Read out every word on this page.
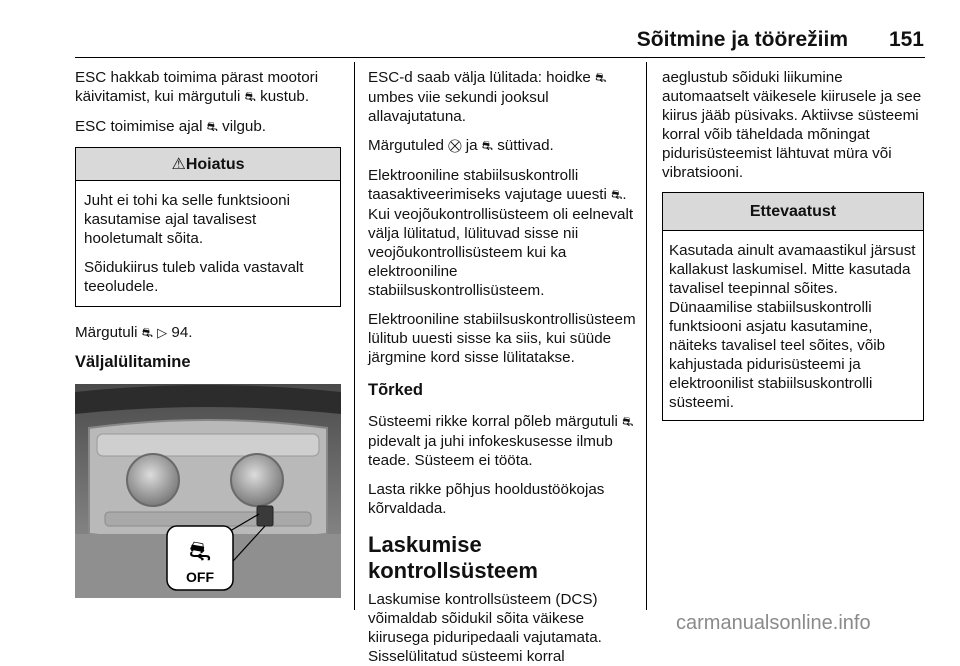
Sõitmine ja töörežiim 151

ESC hakkab toimima pärast mootori käivitamist, kui märgutuli ⛐ kustub.

ESC toimimise ajal ⛐ vilgub.

⚠Hoiatus

Juht ei tohi ka selle funktsiooni kasutamise ajal tavalisest hooletumalt sõita.

Sõidukiirus tuleb valida vastavalt teeoludele.

Märgutuli ⛐ ▷ 94.

Väljalülitamine
⛐
OFF

ESC-d saab välja lülitada: hoidke ⛐ umbes viie sekundi jooksul allavajutatuna.

Märgutuled ⛒ ja ⛐ süttivad.

Elektrooniline stabiilsuskontrolli taasaktiveerimiseks vajutage uuesti ⛐. Kui veojõukontrollisüsteem oli eelnevalt välja lülitatud, lülituvad sisse nii veojõukontrollisüsteem kui ka elektrooniline stabiilsuskontrollisüsteem.

Elektrooniline stabiilsuskontrollisüsteem lülitub uuesti sisse ka siis, kui süüde järgmine kord sisse lülitatakse.

Tõrked

Süsteemi rikke korral põleb märgutuli ⛐ pidevalt ja juhi infokeskusesse ilmub teade. Süsteem ei tööta.

Lasta rikke põhjus hooldustöökojas kõrvaldada.

Laskumise kontrollsüsteem

Laskumise kontrollsüsteem (DCS) võimaldab sõidukil sõita väikese kiirusega piduripedaali vajutamata. Sisselülitatud süsteemi korral

aeglustub sõiduki liikumine automaatselt väikesele kiirusele ja see kiirus jääb püsivaks. Aktiivse süsteemi korral võib täheldada mõningat pidurisüsteemist lähtuvat müra või vibratsiooni.

Ettevaatust

Kasutada ainult avamaastikul järsust kallakust laskumisel. Mitte kasutada tavalisel teepinnal sõites. Dünaamilise stabiilsuskontrolli funktsiooni asjatu kasutamine, näiteks tavalisel teel sõites, võib kahjustada pidurisüsteemi ja elektroonilist stabiilsuskontrolli süsteemi.

carmanualsonline.info
